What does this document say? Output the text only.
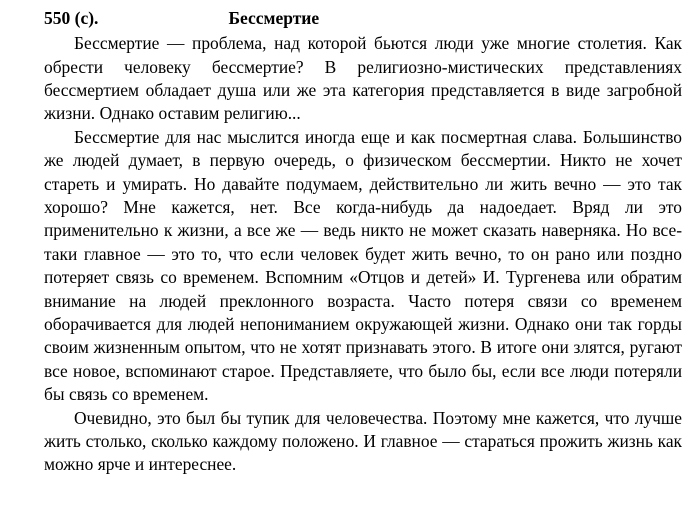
550 (с).	Бессмертие

Бессмертие — проблема, над которой бьются люди уже многие столетия. Как обрести человеку бессмертие? В религиозно-мистических представлениях бессмертием обладает душа или же эта категория представляется в виде загробной жизни. Однако оставим религию...

Бессмертие для нас мыслится иногда еще и как посмертная слава. Большинство же людей думает, в первую очередь, о физическом бессмертии. Никто не хочет стареть и умирать. Но давайте подумаем, действительно ли жить вечно — это так хорошо? Мне кажется, нет. Все когда-нибудь да надоедает. Вряд ли это применительно к жизни, а все же — ведь никто не может сказать наверняка. Но все-таки главное — это то, что если человек будет жить вечно, то он рано или поздно потеряет связь со временем. Вспомним «Отцов и детей» И. Тургенева или обратим внимание на людей преклонного возраста. Часто потеря связи со временем оборачивается для людей непониманием окружающей жизни. Однако они так горды своим жизненным опытом, что не хотят признавать этого. В итоге они злятся, ругают все новое, вспоминают старое. Представляете, что было бы, если все люди потеряли бы связь со временем.

Очевидно, это был бы тупик для человечества. Поэтому мне кажется, что лучше жить столько, сколько каждому положено. И главное — стараться прожить жизнь как можно ярче и интереснее.
